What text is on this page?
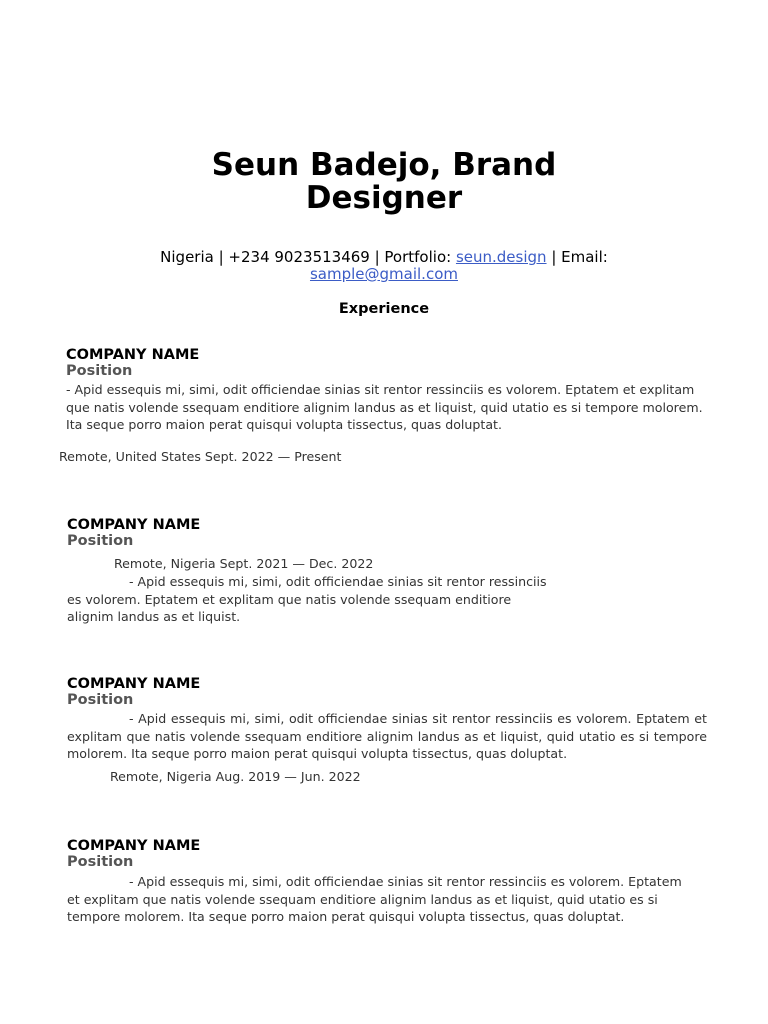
Seun Badejo, Brand Designer
Nigeria | +234 9023513469 | Portfolio: seun.design | Email: sample@gmail.com
Experience
COMPANY NAME
Position
- Apid essequis mi, simi, odit officiendae sinias sit rentor ressinciis es volorem. Eptatem et explitam que natis volende ssequam enditiore alignim landus as et liquist, quid utatio es si tempore molorem. Ita seque porro maion perat quisqui volupta tissectus, quas doluptat.
Remote, United States Sept. 2022 — Present
COMPANY NAME
Position
Remote, Nigeria Sept. 2021 — Dec. 2022
- Apid essequis mi, simi, odit officiendae sinias sit rentor ressinciis es volorem. Eptatem et explitam que natis volende ssequam enditiore alignim landus as et liquist.
COMPANY NAME
Position
- Apid essequis mi, simi, odit officiendae sinias sit rentor ressinciis es volorem. Eptatem et explitam que natis volende ssequam enditiore alignim landus as et liquist, quid utatio es si tempore molorem. Ita seque porro maion perat quisqui volupta tissectus, quas doluptat.
Remote, Nigeria Aug. 2019 — Jun. 2022
COMPANY NAME
Position
- Apid essequis mi, simi, odit officiendae sinias sit rentor ressinciis es volorem. Eptatem et explitam que natis volende ssequam enditiore alignim landus as et liquist, quid utatio es si tempore molorem. Ita seque porro maion perat quisqui volupta tissectus, quas doluptat.
